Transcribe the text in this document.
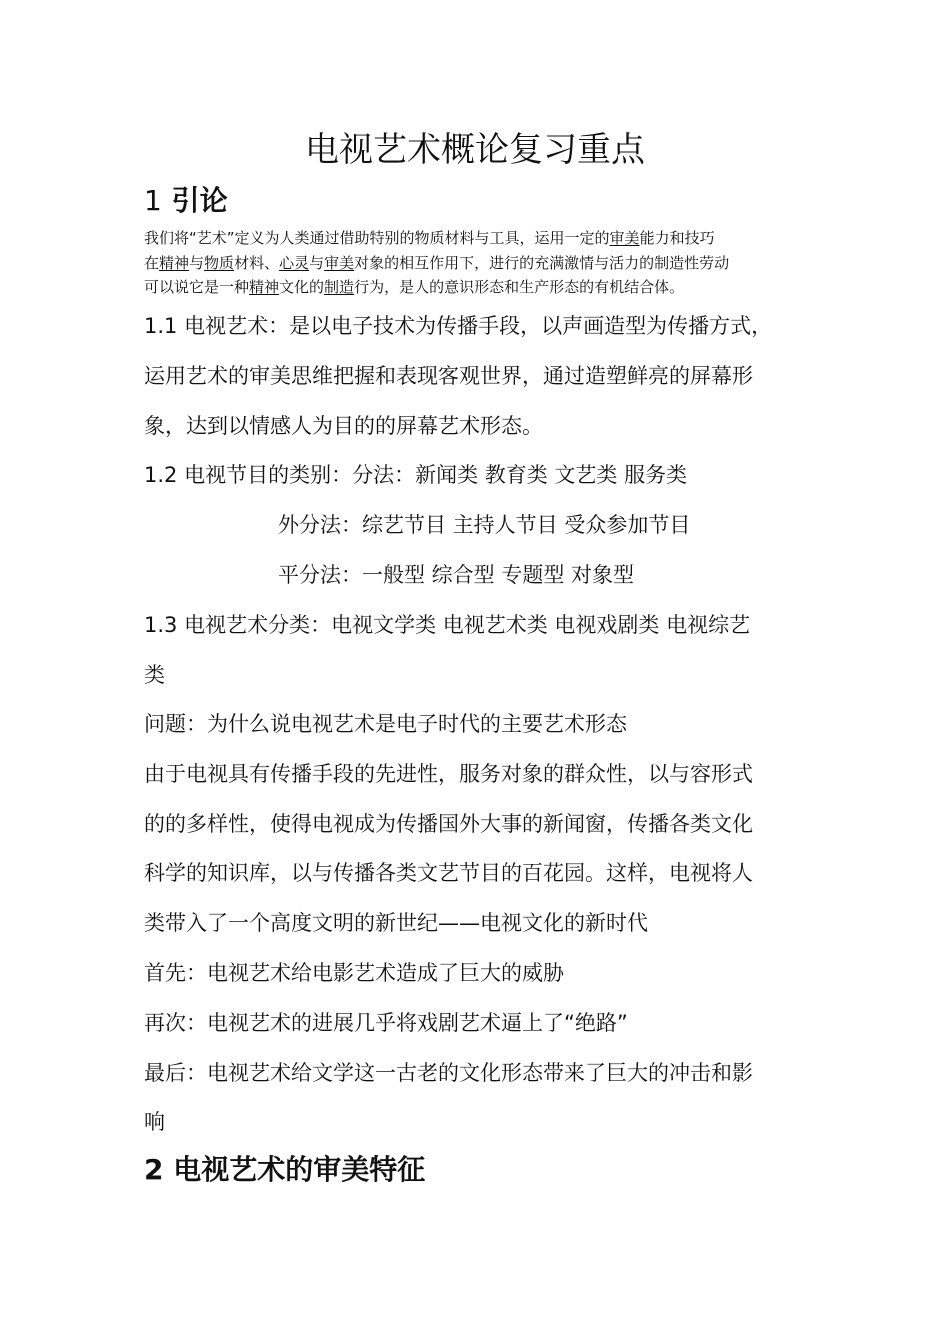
电视艺术概论复习重点
1 引论
我们将“艺术”定义为人类通过借助特别的物质材料与工具，运用一定的审美能力和技巧
在精神与物质材料、心灵与审美对象的相互作用下，进行的充满激情与活力的制造性劳动
可以说它是一种精神文化的制造行为，是人的意识形态和生产形态的有机结合体。
1.1 电视艺术：是以电子技术为传播手段，以声画造型为传播方式，
运用艺术的审美思维把握和表现客观世界，通过造塑鲜亮的屏幕形
象，达到以情感人为目的的屏幕艺术形态。
1.2 电视节目的类别：分法：新闻类 教育类 文艺类 服务类
外分法：综艺节目 主持人节目 受众参加节目
平分法：一般型 综合型 专题型 对象型
1.3 电视艺术分类：电视文学类 电视艺术类 电视戏剧类 电视综艺
类
问题：为什么说电视艺术是电子时代的主要艺术形态
由于电视具有传播手段的先进性，服务对象的群众性，以与容形式
的的多样性，使得电视成为传播国外大事的新闻窗，传播各类文化
科学的知识库，以与传播各类文艺节目的百花园。这样，电视将人
类带入了一个高度文明的新世纪——电视文化的新时代
首先：电视艺术给电影艺术造成了巨大的威胁
再次：电视艺术的进展几乎将戏剧艺术逼上了“绝路”
最后：电视艺术给文学这一古老的文化形态带来了巨大的冲击和影
响
2 电视艺术的审美特征
